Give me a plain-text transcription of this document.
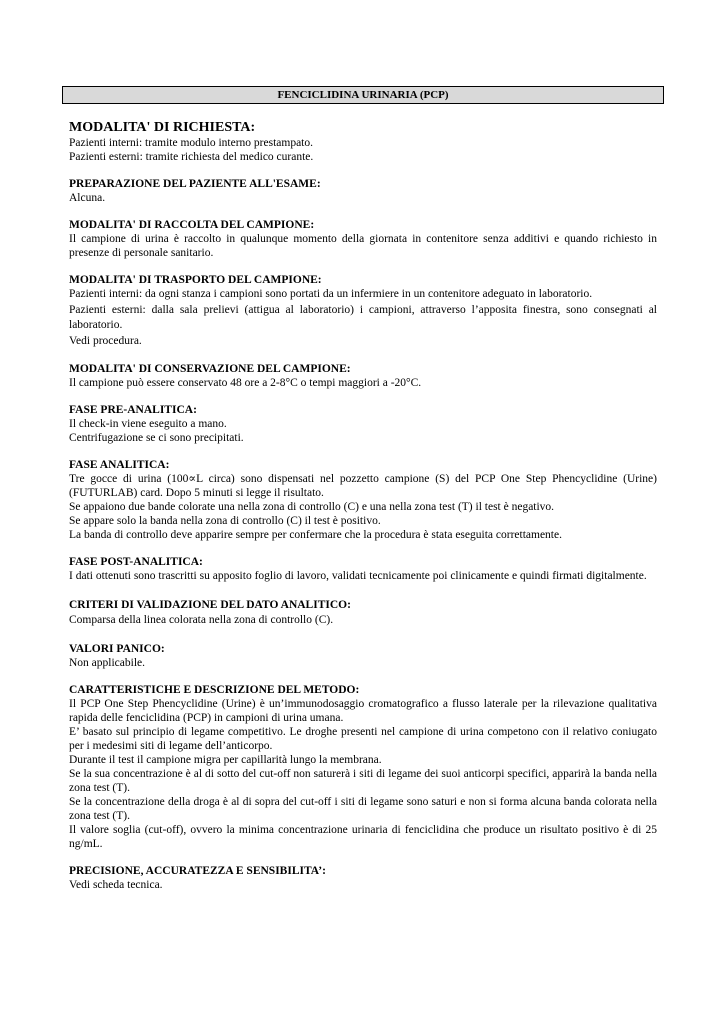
FENCICLIDINA URINARIA (PCP)

MODALITA' DI RICHIESTA:

Pazienti interni: tramite modulo interno prestampato.

Pazienti esterni: tramite richiesta del medico curante.

PREPARAZIONE DEL PAZIENTE ALL'ESAME:

Alcuna.

MODALITA' DI RACCOLTA DEL CAMPIONE:

Il campione di urina è raccolto in qualunque momento della giornata in contenitore senza additivi e quando richiesto in presenze di personale sanitario.

MODALITA' DI TRASPORTO DEL CAMPIONE:

Pazienti interni: da ogni stanza i campioni sono portati da un infermiere in un contenitore adeguato in laboratorio.

Pazienti esterni: dalla sala prelievi (attigua al laboratorio) i campioni, attraverso l’apposita finestra, sono consegnati al laboratorio.

Vedi procedura.

MODALITA' DI CONSERVAZIONE DEL CAMPIONE:

Il campione può essere conservato 48 ore a 2-8°C o tempi maggiori a -20°C.

FASE PRE-ANALITICA:

Il check-in viene eseguito a mano.

Centrifugazione se ci sono precipitati.

FASE ANALITICA:

Tre gocce di urina (100∝L circa) sono dispensati nel pozzetto campione (S) del PCP One Step Phencyclidine (Urine) (FUTURLAB) card. Dopo 5 minuti si legge il risultato.

Se appaiono due bande colorate una nella zona di controllo (C) e una nella zona test (T) il test è negativo.

Se appare solo la banda nella zona di controllo (C) il test è positivo.

La banda di controllo deve apparire sempre per confermare che la procedura è stata eseguita correttamente.

FASE POST-ANALITICA:

I dati ottenuti sono trascritti su apposito foglio di lavoro, validati tecnicamente poi clinicamente e quindi firmati digitalmente.

CRITERI DI VALIDAZIONE DEL DATO ANALITICO:

Comparsa della linea colorata nella zona di controllo (C).

VALORI PANICO:

Non applicabile.

CARATTERISTICHE E DESCRIZIONE DEL METODO:

Il PCP One Step Phencyclidine (Urine) è un’immunodosaggio cromatografico a flusso laterale per la rilevazione qualitativa rapida delle fenciclidina (PCP) in campioni di urina umana.

E’ basato sul principio di legame competitivo. Le droghe presenti nel campione di urina competono con il relativo coniugato per i medesimi siti di legame dell’anticorpo.

Durante il test il campione migra per capillarità lungo la membrana.

Se la sua concentrazione è al di sotto del cut-off non saturerà i siti di legame dei suoi anticorpi specifici, apparirà la banda nella zona test (T).

Se la concentrazione della droga è al di sopra del cut-off i siti di legame sono saturi e non si forma alcuna banda colorata nella zona test (T).

Il valore soglia (cut-off), ovvero la minima concentrazione urinaria di fenciclidina che produce un risultato positivo è di 25 ng/mL.

PRECISIONE, ACCURATEZZA E SENSIBILITA’:

Vedi scheda tecnica.
